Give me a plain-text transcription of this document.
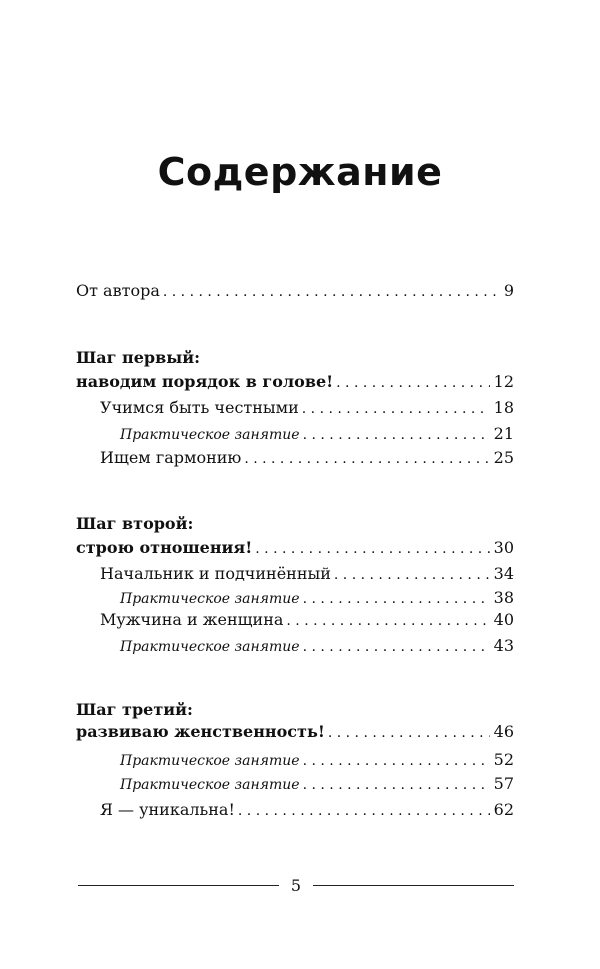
Содержание
От автора . . .	9
Шаг первый:
наводим порядок в голове! . . .	12
Учимся быть честными . . .	18
Практическое занятие . . .	21
Ищем гармонию . . .	25
Шаг второй:
строю отношения! . . .	30
Начальник и подчинённый . . .	34
Практическое занятие . . .	38
Мужчина и женщина . . .	40
Практическое занятие . . .	43
Шаг третий:
развиваю женственность! . . .	46
Практическое занятие . . .	52
Практическое занятие . . .	57
Я — уникальна! . . .	62
5
